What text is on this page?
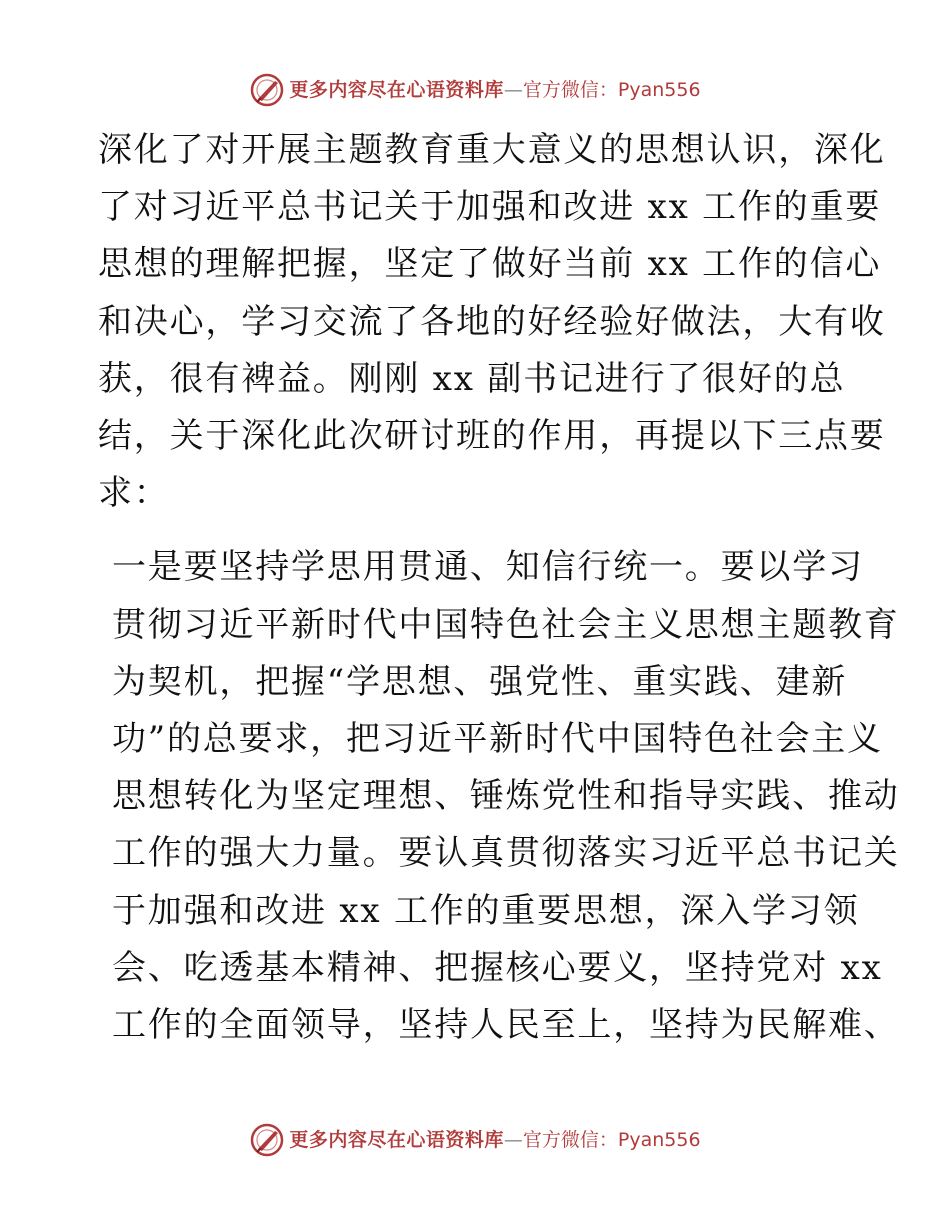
更多内容尽在心语资料库 — 官方微信：Pyan556
深化了对开展主题教育重大意义的思想认识，深化
了对习近平总书记关于加强和改进 xx 工作的重要
思想的理解把握，坚定了做好当前 xx 工作的信心
和决心，学习交流了各地的好经验好做法，大有收
获，很有裨益。刚刚 xx 副书记进行了很好的总
结，关于深化此次研讨班的作用，再提以下三点要
求：
一是要坚持学思用贯通、知信行统一。要以学习
贯彻习近平新时代中国特色社会主义思想主题教育
为契机，把握“学思想、强党性、重实践、建新
功”的总要求，把习近平新时代中国特色社会主义
思想转化为坚定理想、锤炼党性和指导实践、推动
工作的强大力量。要认真贯彻落实习近平总书记关
于加强和改进 xx 工作的重要思想，深入学习领
会、吃透基本精神、把握核心要义，坚持党对 xx
工作的全面领导，坚持人民至上，坚持为民解难、
更多内容尽在心语资料库 — 官方微信：Pyan556
